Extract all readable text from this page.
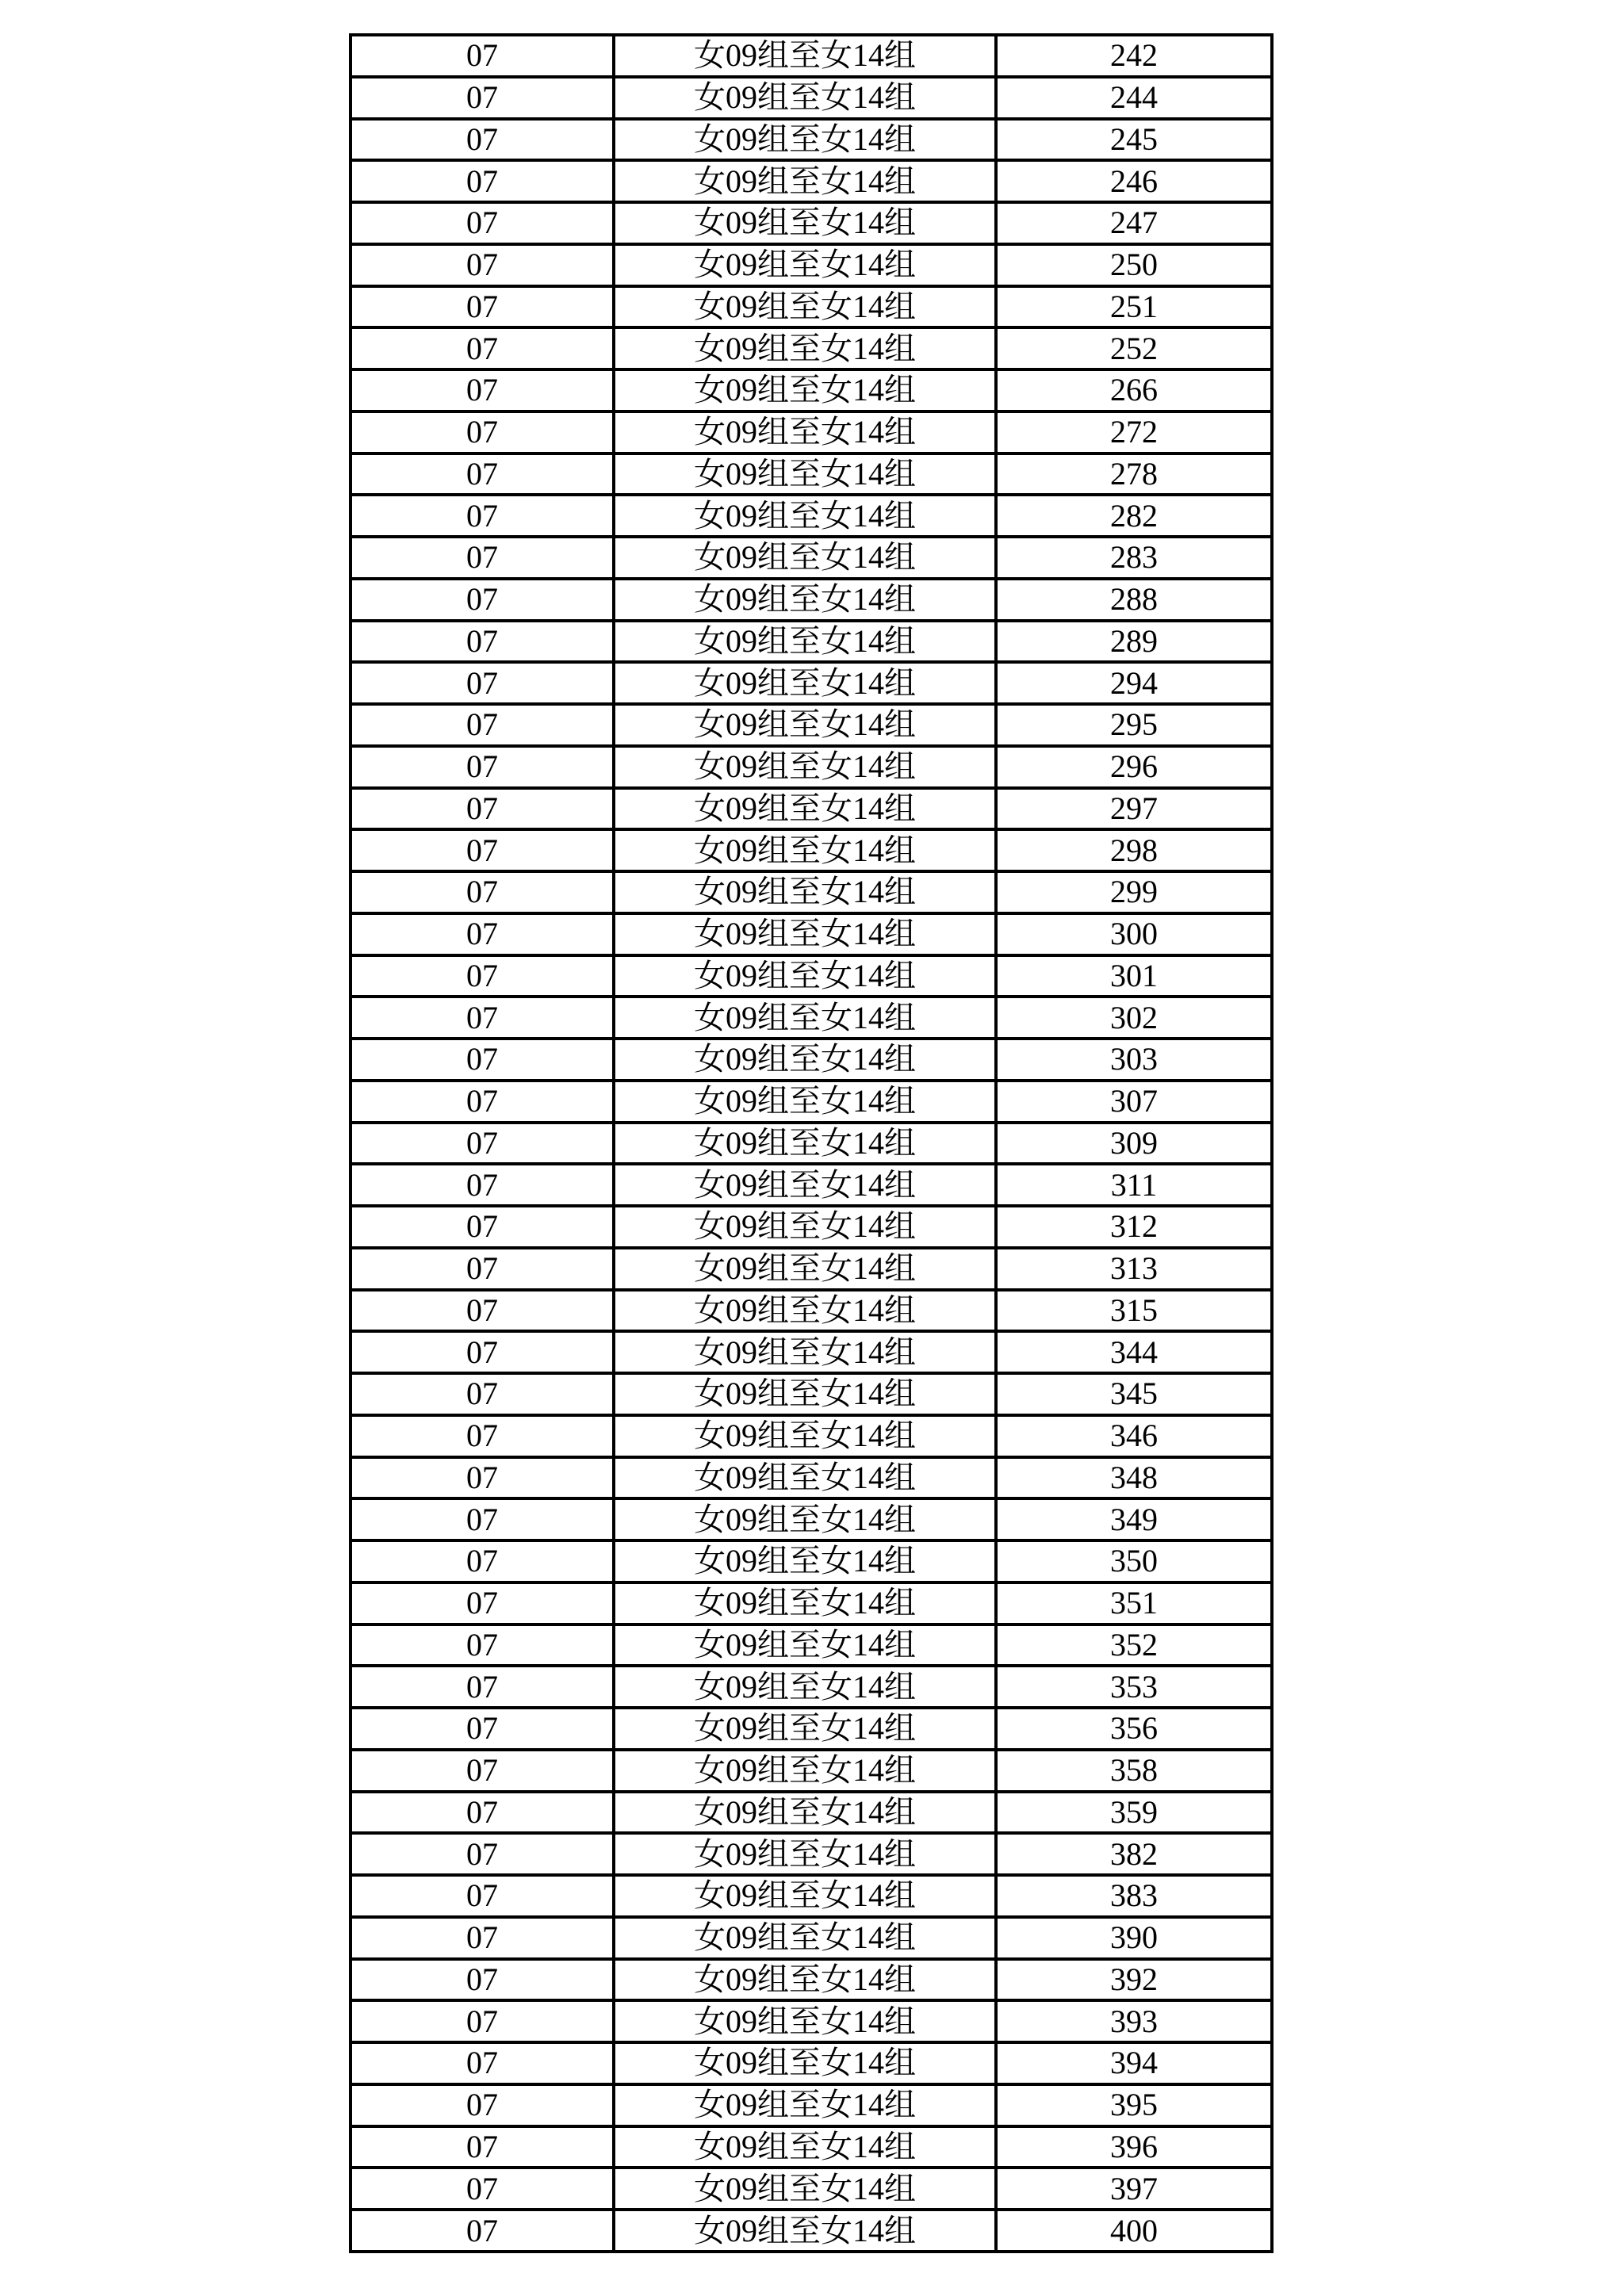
07	女09组至女14组	242
07	女09组至女14组	244
07	女09组至女14组	245
07	女09组至女14组	246
07	女09组至女14组	247
07	女09组至女14组	250
07	女09组至女14组	251
07	女09组至女14组	252
07	女09组至女14组	266
07	女09组至女14组	272
07	女09组至女14组	278
07	女09组至女14组	282
07	女09组至女14组	283
07	女09组至女14组	288
07	女09组至女14组	289
07	女09组至女14组	294
07	女09组至女14组	295
07	女09组至女14组	296
07	女09组至女14组	297
07	女09组至女14组	298
07	女09组至女14组	299
07	女09组至女14组	300
07	女09组至女14组	301
07	女09组至女14组	302
07	女09组至女14组	303
07	女09组至女14组	307
07	女09组至女14组	309
07	女09组至女14组	311
07	女09组至女14组	312
07	女09组至女14组	313
07	女09组至女14组	315
07	女09组至女14组	344
07	女09组至女14组	345
07	女09组至女14组	346
07	女09组至女14组	348
07	女09组至女14组	349
07	女09组至女14组	350
07	女09组至女14组	351
07	女09组至女14组	352
07	女09组至女14组	353
07	女09组至女14组	356
07	女09组至女14组	358
07	女09组至女14组	359
07	女09组至女14组	382
07	女09组至女14组	383
07	女09组至女14组	390
07	女09组至女14组	392
07	女09组至女14组	393
07	女09组至女14组	394
07	女09组至女14组	395
07	女09组至女14组	396
07	女09组至女14组	397
07	女09组至女14组	400
